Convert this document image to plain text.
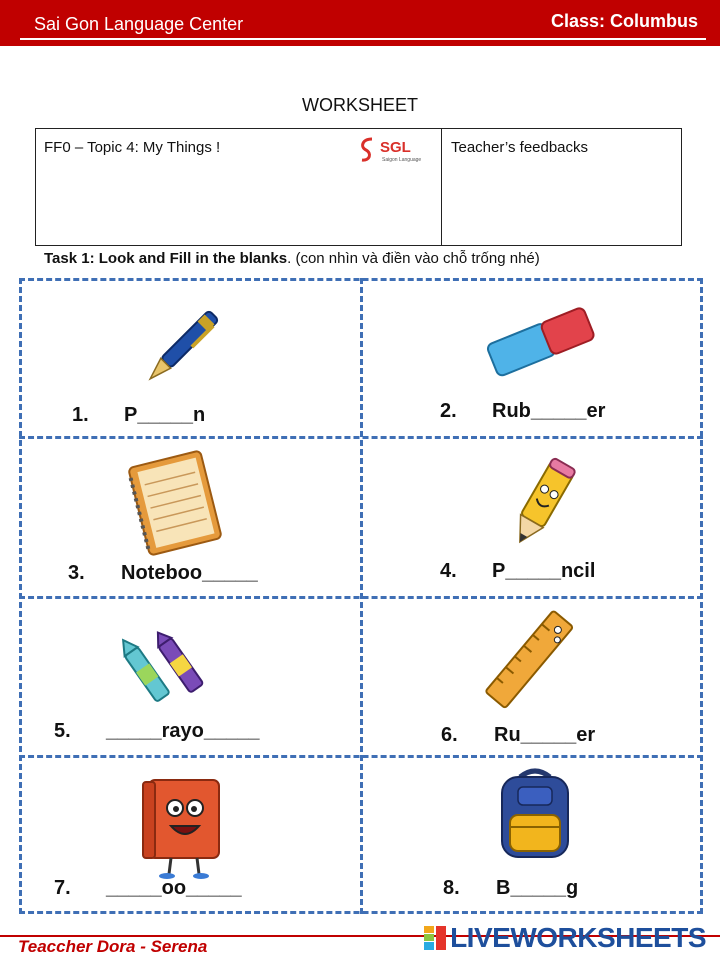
Sai Gon Language Center	Class: Columbus
WORKSHEET
FF0 – Topic 4: My Things !	SGL
Saigon Language
Teacher’s feedbacks
Task 1: Look and Fill in the blanks. (con nhìn và điền vào chỗ trống nhé)
1. P_____n	2. Rub_____er
3. Noteboo_____	4. P_____ncil
5. _____rayo_____	6. Ru_____er
7. _____oo_____	8. B_____g
Teaccher Dora - Serena	LIVEWORKSHEETS
